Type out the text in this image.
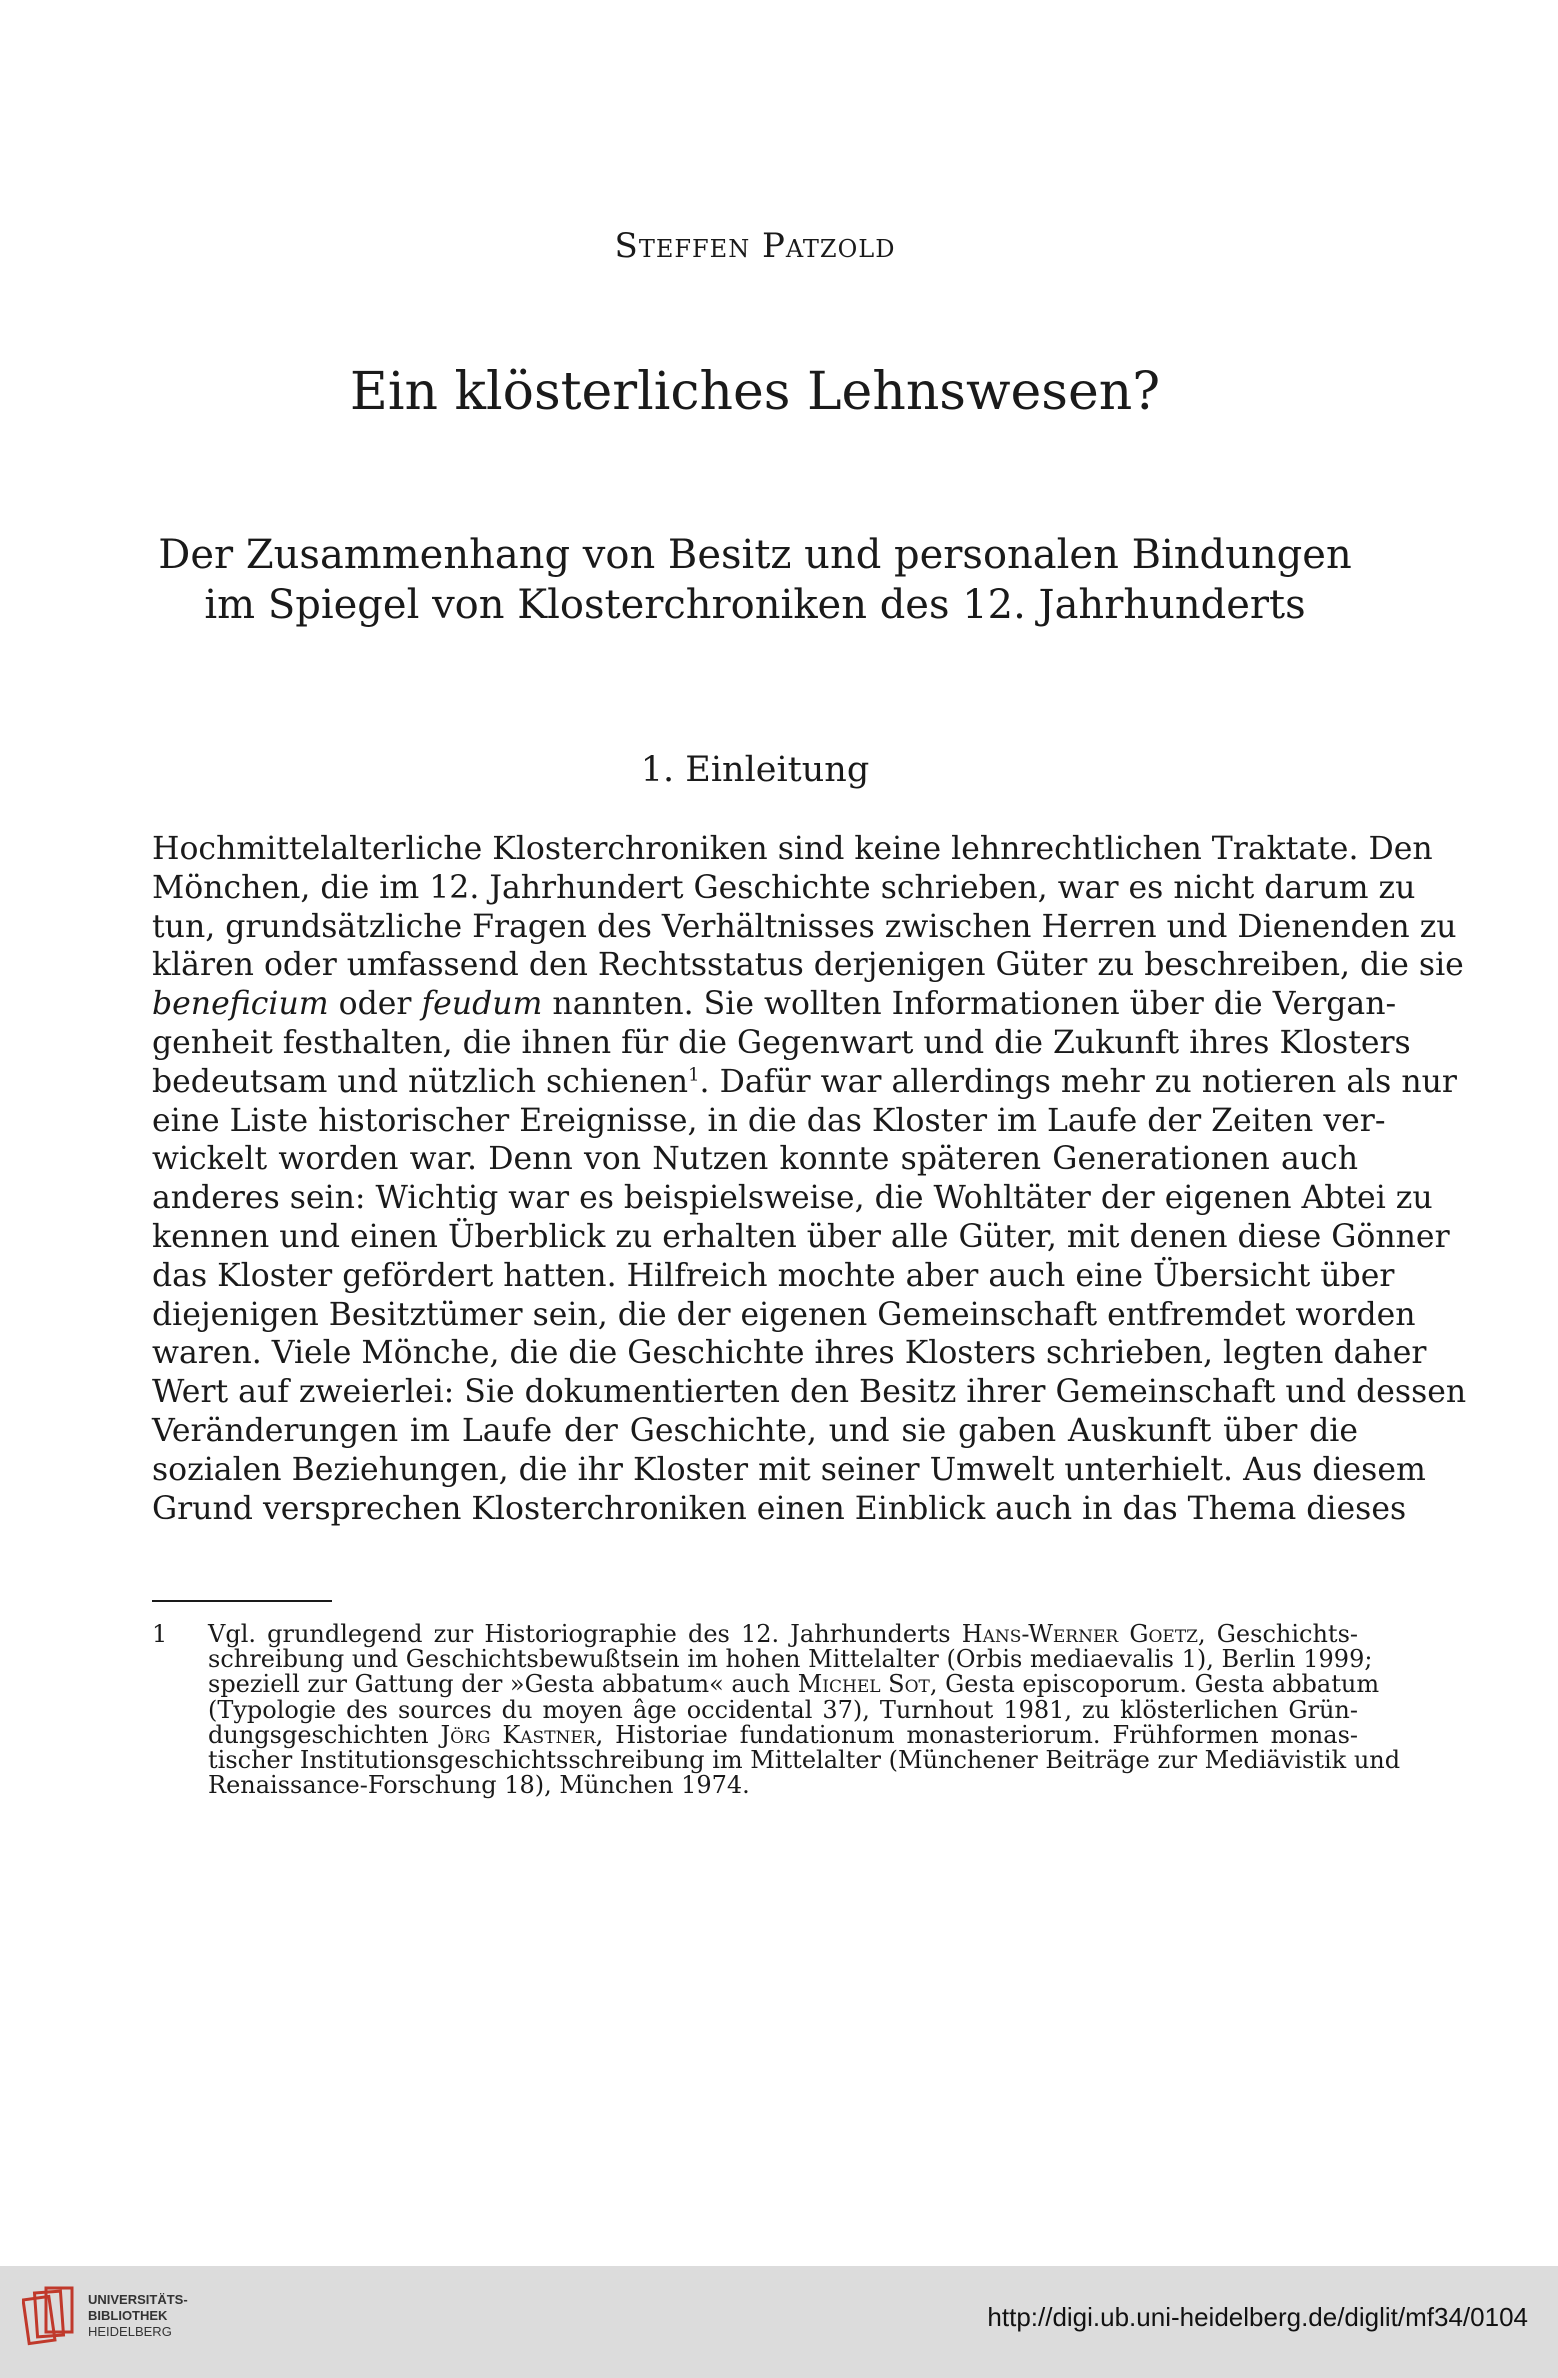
Steffen Patzold
Ein klösterliches Lehnswesen?
Der Zusammenhang von Besitz und personalen Bindungen
im Spiegel von Klosterchroniken des 12. Jahrhunderts
1. Einleitung
Hochmittelalterliche Klosterchroniken sind keine lehnrechtlichen Traktate. Den
Mönchen, die im 12. Jahrhundert Geschichte schrieben, war es nicht darum zu
tun, grundsätzliche Fragen des Verhältnisses zwischen Herren und Dienenden zu
klären oder umfassend den Rechtsstatus derjenigen Güter zu beschreiben, die sie
beneficium oder feudum nannten. Sie wollten Informationen über die Vergan-
genheit festhalten, die ihnen für die Gegenwart und die Zukunft ihres Klosters
bedeutsam und nützlich schienen$^1$. Dafür war allerdings mehr zu notieren als nur
eine Liste historischer Ereignisse, in die das Kloster im Laufe der Zeiten ver-
wickelt worden war. Denn von Nutzen konnte späteren Generationen auch
anderes sein: Wichtig war es beispielsweise, die Wohltäter der eigenen Abtei zu
kennen und einen Überblick zu erhalten über alle Güter, mit denen diese Gönner
das Kloster gefördert hatten. Hilfreich mochte aber auch eine Übersicht über
diejenigen Besitztümer sein, die der eigenen Gemeinschaft entfremdet worden
waren. Viele Mönche, die die Geschichte ihres Klosters schrieben, legten daher
Wert auf zweierlei: Sie dokumentierten den Besitz ihrer Gemeinschaft und dessen
Veränderungen im Laufe der Geschichte, und sie gaben Auskunft über die
sozialen Beziehungen, die ihr Kloster mit seiner Umwelt unterhielt. Aus diesem
Grund versprechen Klosterchroniken einen Einblick auch in das Thema dieses
1 Vgl. grundlegend zur Historiographie des 12. Jahrhunderts Hans-Werner Goetz, Geschichts-
schreibung und Geschichtsbewußtsein im hohen Mittelalter (Orbis mediaevalis 1), Berlin 1999;
speziell zur Gattung der »Gesta abbatum« auch Michel Sot, Gesta episcoporum. Gesta abbatum
(Typologie des sources du moyen âge occidental 37), Turnhout 1981, zu klösterlichen Grün-
dungsgeschichten Jörg Kastner, Historiae fundationum monasteriorum. Frühformen monas-
tischer Institutionsgeschichtsschreibung im Mittelalter (Münchener Beiträge zur Mediävistik und
Renaissance-Forschung 18), München 1974.
UNIVERSITÄTS-
BIBLIOTHEK
HEIDELBERG	http://digi.ub.uni-heidelberg.de/diglit/mf34/0104
